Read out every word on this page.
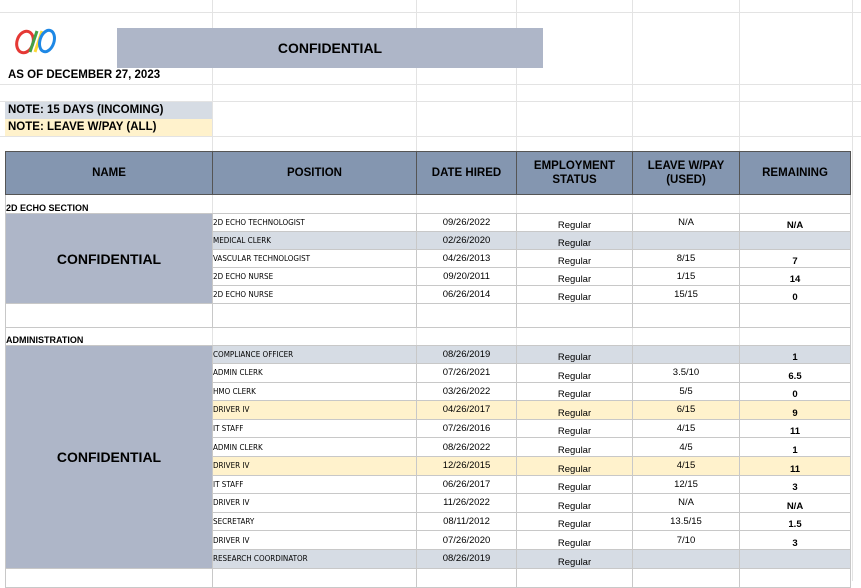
CONFIDENTIAL
AS OF DECEMBER 27, 2023
NOTE: 15 DAYS (INCOMING)
NOTE: LEAVE W/PAY (ALL)
NAME	POSITION	DATE HIRED	EMPLOYMENT STATUS	LEAVE W/PAY (USED)	REMAINING
2D ECHO SECTION					
CONFIDENTIAL	2D ECHO TECHNOLOGIST	09/26/2022	Regular	N/A	N/A
	MEDICAL CLERK	02/26/2020	Regular		
	VASCULAR TECHNOLOGIST	04/26/2013	Regular	8/15	7
	2D ECHO NURSE	09/20/2011	Regular	1/15	14
	2D ECHO NURSE	06/26/2014	Regular	15/15	0

ADMINISTRATION					
CONFIDENTIAL	COMPLIANCE OFFICER	08/26/2019	Regular		1
	ADMIN CLERK	07/26/2021	Regular	3.5/10	6.5
	HMO CLERK	03/26/2022	Regular	5/5	0
	DRIVER IV	04/26/2017	Regular	6/15	9
	IT STAFF	07/26/2016	Regular	4/15	11
	ADMIN CLERK	08/26/2022	Regular	4/5	1
	DRIVER IV	12/26/2015	Regular	4/15	11
	IT STAFF	06/26/2017	Regular	12/15	3
	DRIVER IV	11/26/2022	Regular	N/A	N/A
	SECRETARY	08/11/2012	Regular	13.5/15	1.5
	DRIVER IV	07/26/2020	Regular	7/10	3
	RESEARCH COORDINATOR	08/26/2019	Regular		
